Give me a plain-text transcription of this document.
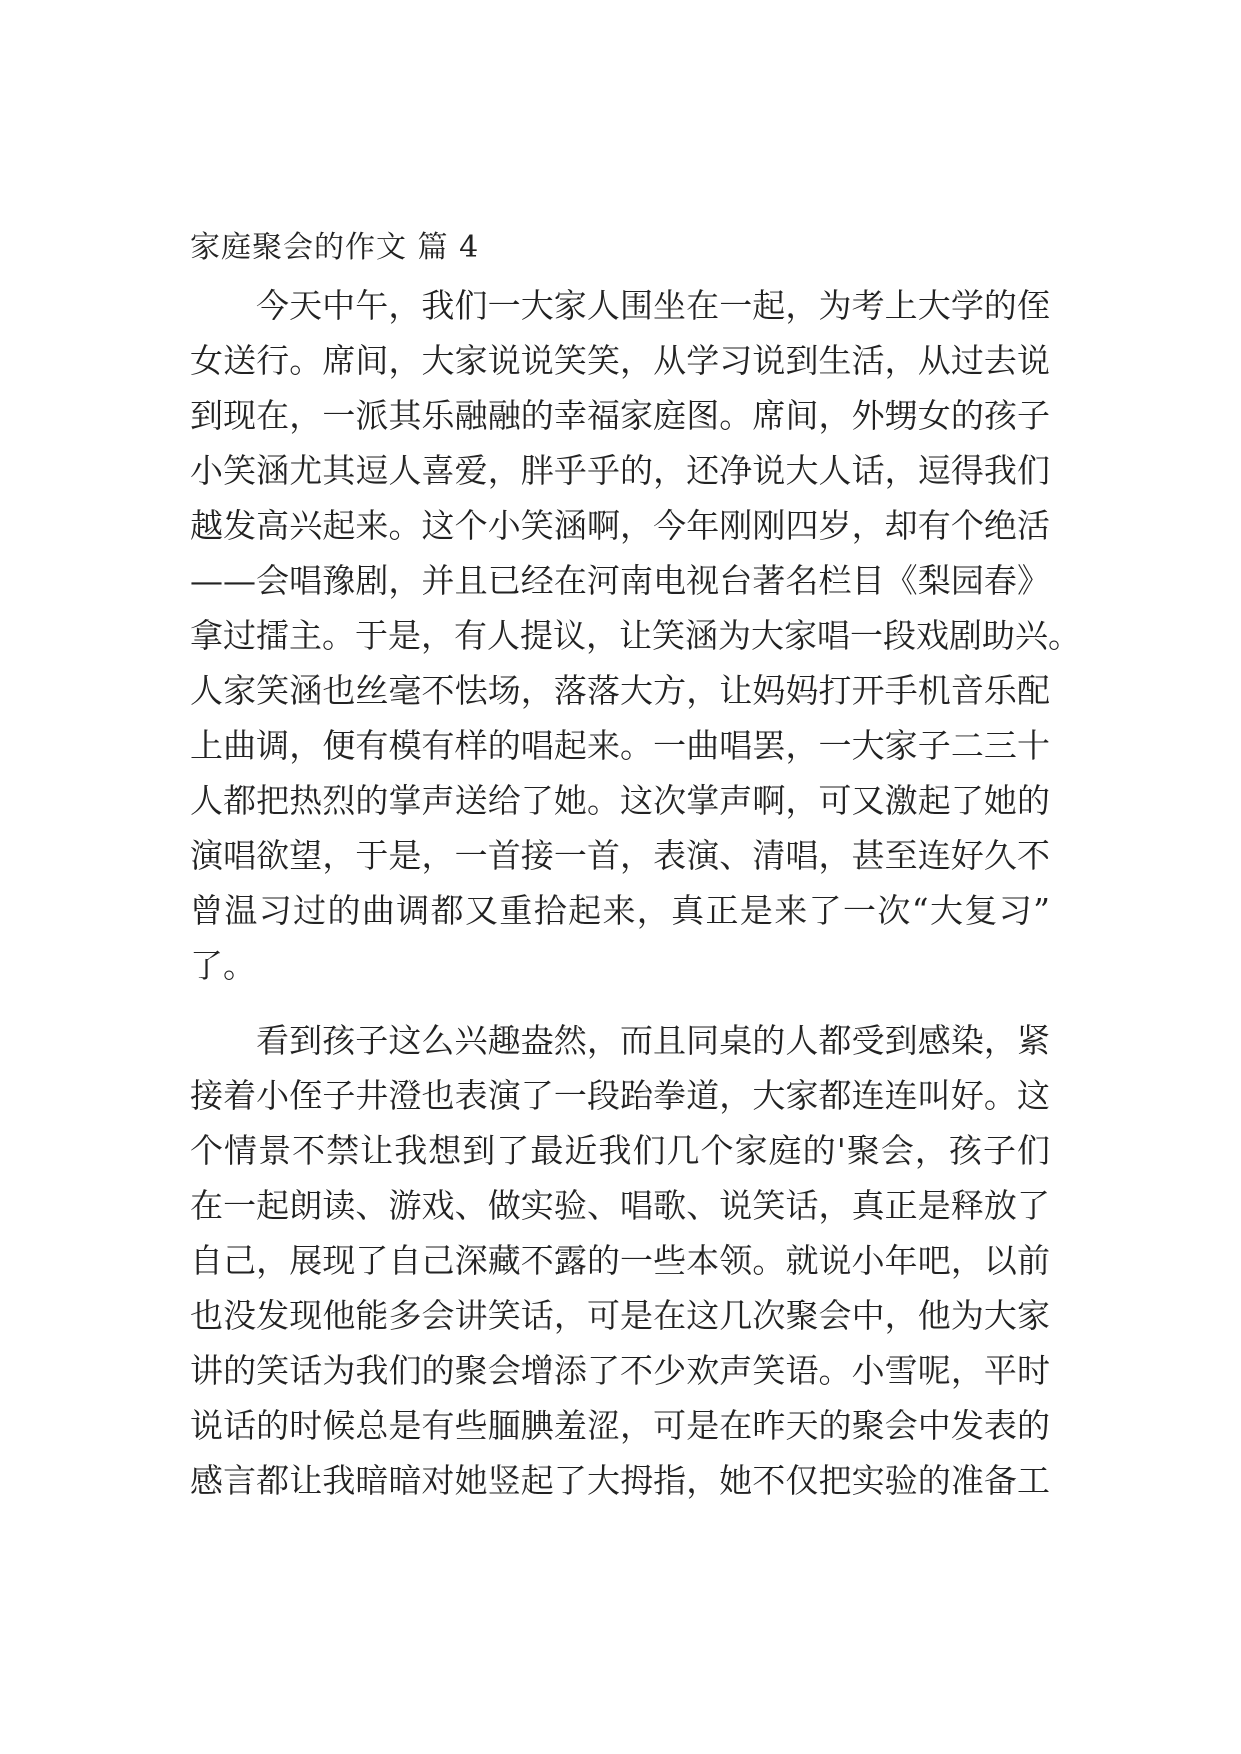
家庭聚会的作文 篇 4

今天中午，我们一大家人围坐在一起，为考上大学的侄

女送行。席间，大家说说笑笑，从学习说到生活，从过去说

到现在，一派其乐融融的幸福家庭图。席间，外甥女的孩子

小笑涵尤其逗人喜爱，胖乎乎的，还净说大人话，逗得我们

越发高兴起来。这个小笑涵啊，今年刚刚四岁，却有个绝活

——会唱豫剧，并且已经在河南电视台著名栏目《梨园春》

拿过擂主。于是，有人提议，让笑涵为大家唱一段戏剧助兴。

人家笑涵也丝毫不怯场，落落大方，让妈妈打开手机音乐配

上曲调，便有模有样的唱起来。一曲唱罢，一大家子二三十

人都把热烈的掌声送给了她。这次掌声啊，可又激起了她的

演唱欲望，于是，一首接一首，表演、清唱，甚至连好久不

曾温习过的曲调都又重拾起来，真正是来了一次“大复习”

了。

看到孩子这么兴趣盎然，而且同桌的人都受到感染，紧

接着小侄子井澄也表演了一段跆拳道，大家都连连叫好。这

个情景不禁让我想到了最近我们几个家庭的'聚会，孩子们

在一起朗读、游戏、做实验、唱歌、说笑话，真正是释放了

自己，展现了自己深藏不露的一些本领。就说小年吧，以前

也没发现他能多会讲笑话，可是在这几次聚会中，他为大家

讲的笑话为我们的聚会增添了不少欢声笑语。小雪呢，平时

说话的时候总是有些腼腆羞涩，可是在昨天的聚会中发表的

感言都让我暗暗对她竖起了大拇指，她不仅把实验的准备工
